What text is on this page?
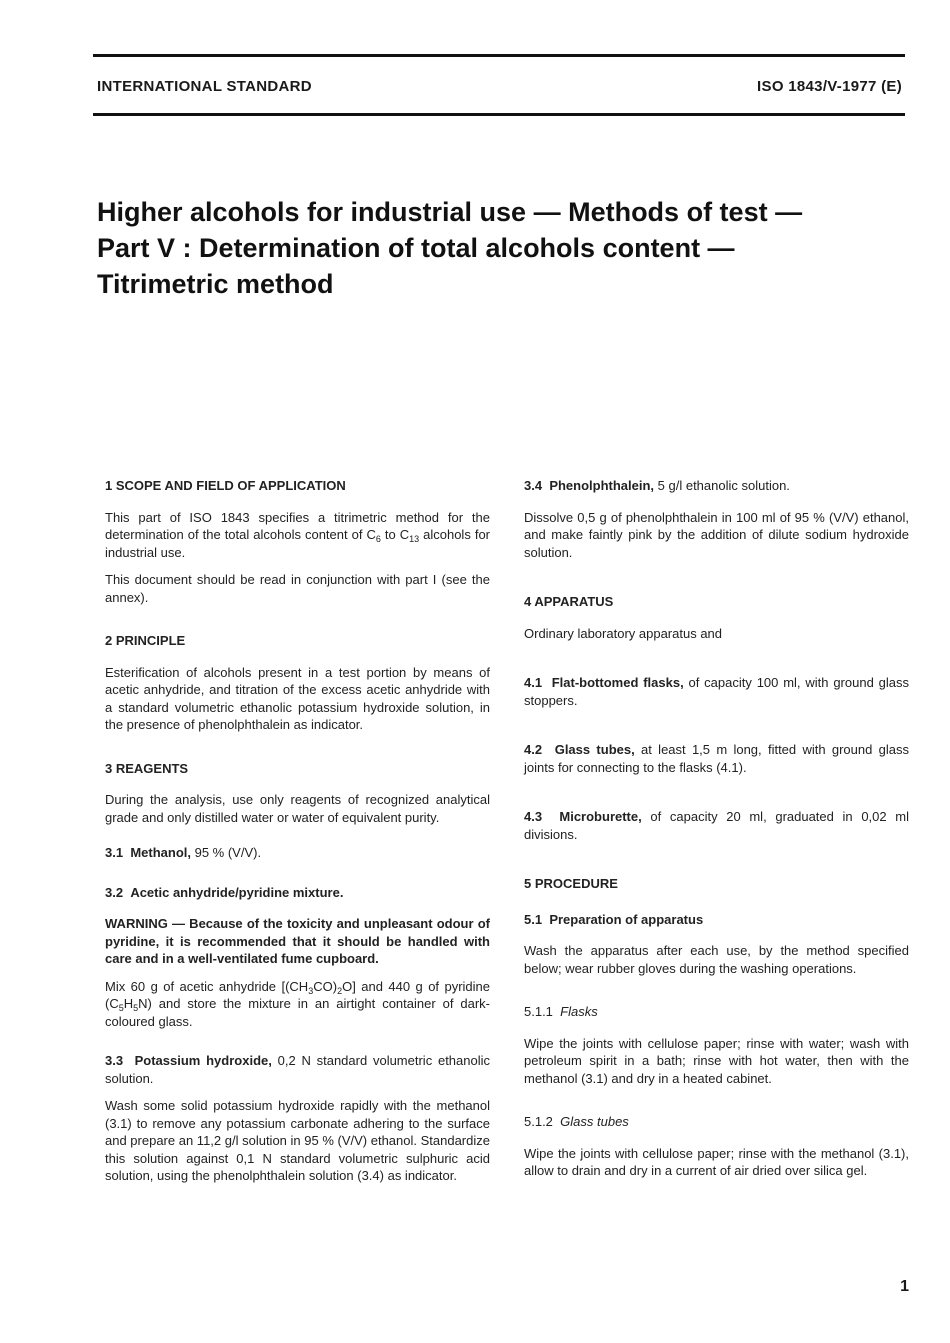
INTERNATIONAL STANDARD	ISO 1843/V-1977 (E)
Higher alcohols for industrial use — Methods of test —
Part V : Determination of total alcohols content —
Titrimetric method

1 SCOPE AND FIELD OF APPLICATION

This part of ISO 1843 specifies a titrimetric method for the determination of the total alcohols content of $C_6$ to $C_{13}$ alcohols for industrial use.

This document should be read in conjunction with part I (see the annex).

2 PRINCIPLE

Esterification of alcohols present in a test portion by means of acetic anhydride, and titration of the excess acetic anhydride with a standard volumetric ethanolic potassium hydroxide solution, in the presence of phenolphthalein as indicator.

3 REAGENTS

During the analysis, use only reagents of recognized analytical grade and only distilled water or water of equivalent purity.

3.1 Methanol, 95 % (V/V).

3.2 Acetic anhydride/pyridine mixture.

WARNING — Because of the toxicity and unpleasant odour of pyridine, it is recommended that it should be handled with care and in a well-ventilated fume cupboard.

Mix 60 g of acetic anhydride $[(CH_3CO)_2O]$ and 440 g of pyridine $(C_5H_5N)$ and store the mixture in an airtight container of dark-coloured glass.

3.3 Potassium hydroxide, 0,2 N standard volumetric ethanolic solution.

Wash some solid potassium hydroxide rapidly with the methanol (3.1) to remove any potassium carbonate adhering to the surface and prepare an 11,2 g/l solution in 95 % (V/V) ethanol. Standardize this solution against 0,1 N standard volumetric sulphuric acid solution, using the phenolphthalein solution (3.4) as indicator.

3.4 Phenolphthalein, 5 g/l ethanolic solution.

Dissolve 0,5 g of phenolphthalein in 100 ml of 95 % (V/V) ethanol, and make faintly pink by the addition of dilute sodium hydroxide solution.

4 APPARATUS

Ordinary laboratory apparatus and

4.1 Flat-bottomed flasks, of capacity 100 ml, with ground glass stoppers.

4.2 Glass tubes, at least 1,5 m long, fitted with ground glass joints for connecting to the flasks (4.1).

4.3 Microburette, of capacity 20 ml, graduated in 0,02 ml divisions.

5 PROCEDURE

5.1 Preparation of apparatus

Wash the apparatus after each use, by the method specified below; wear rubber gloves during the washing operations.

5.1.1 Flasks

Wipe the joints with cellulose paper; rinse with water; wash with petroleum spirit in a bath; rinse with hot water, then with the methanol (3.1) and dry in a heated cabinet.

5.1.2 Glass tubes

Wipe the joints with cellulose paper; rinse with the methanol (3.1), allow to drain and dry in a current of air dried over silica gel.

1
